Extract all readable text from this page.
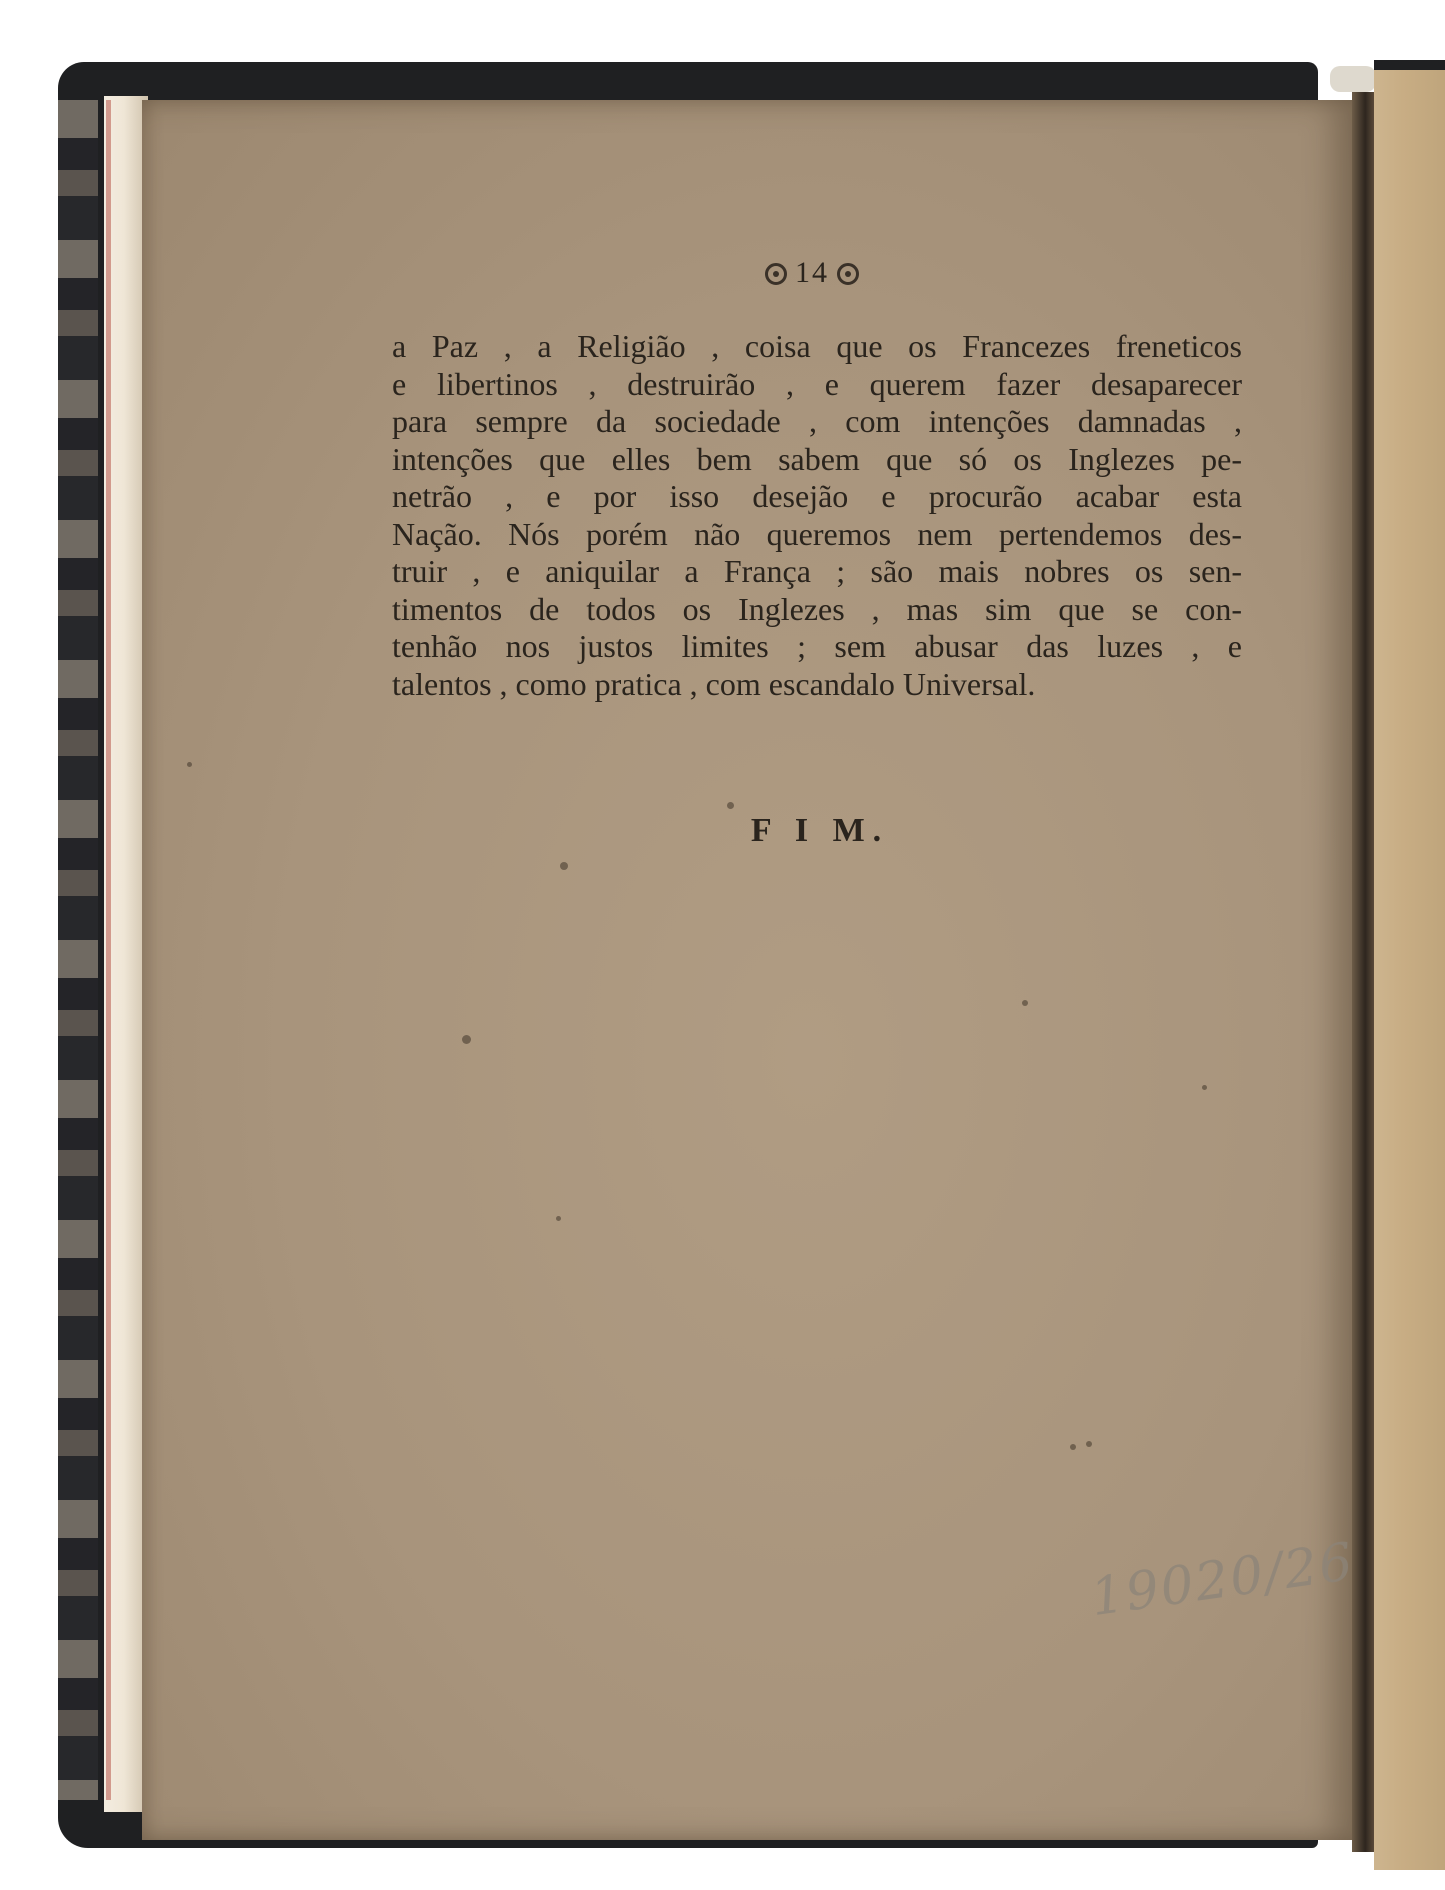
14
a Paz , a Religião , coisa que os Francezes freneticos
e libertinos , destruirão , e querem fazer desaparecer
para sempre da sociedade , com intenções damnadas ,
intenções que elles bem sabem que só os Inglezes pe-
netrão , e por isso desejão e procurão acabar esta
Nação. Nós porém não queremos nem pertendemos des-
truir , e aniquilar a França ; são mais nobres os sen-
timentos de todos os Inglezes , mas sim que se con-
tenhão nos justos limites ; sem abusar das luzes , e
talentos , como pratica , com escandalo Universal.
F I M.
19020/26
